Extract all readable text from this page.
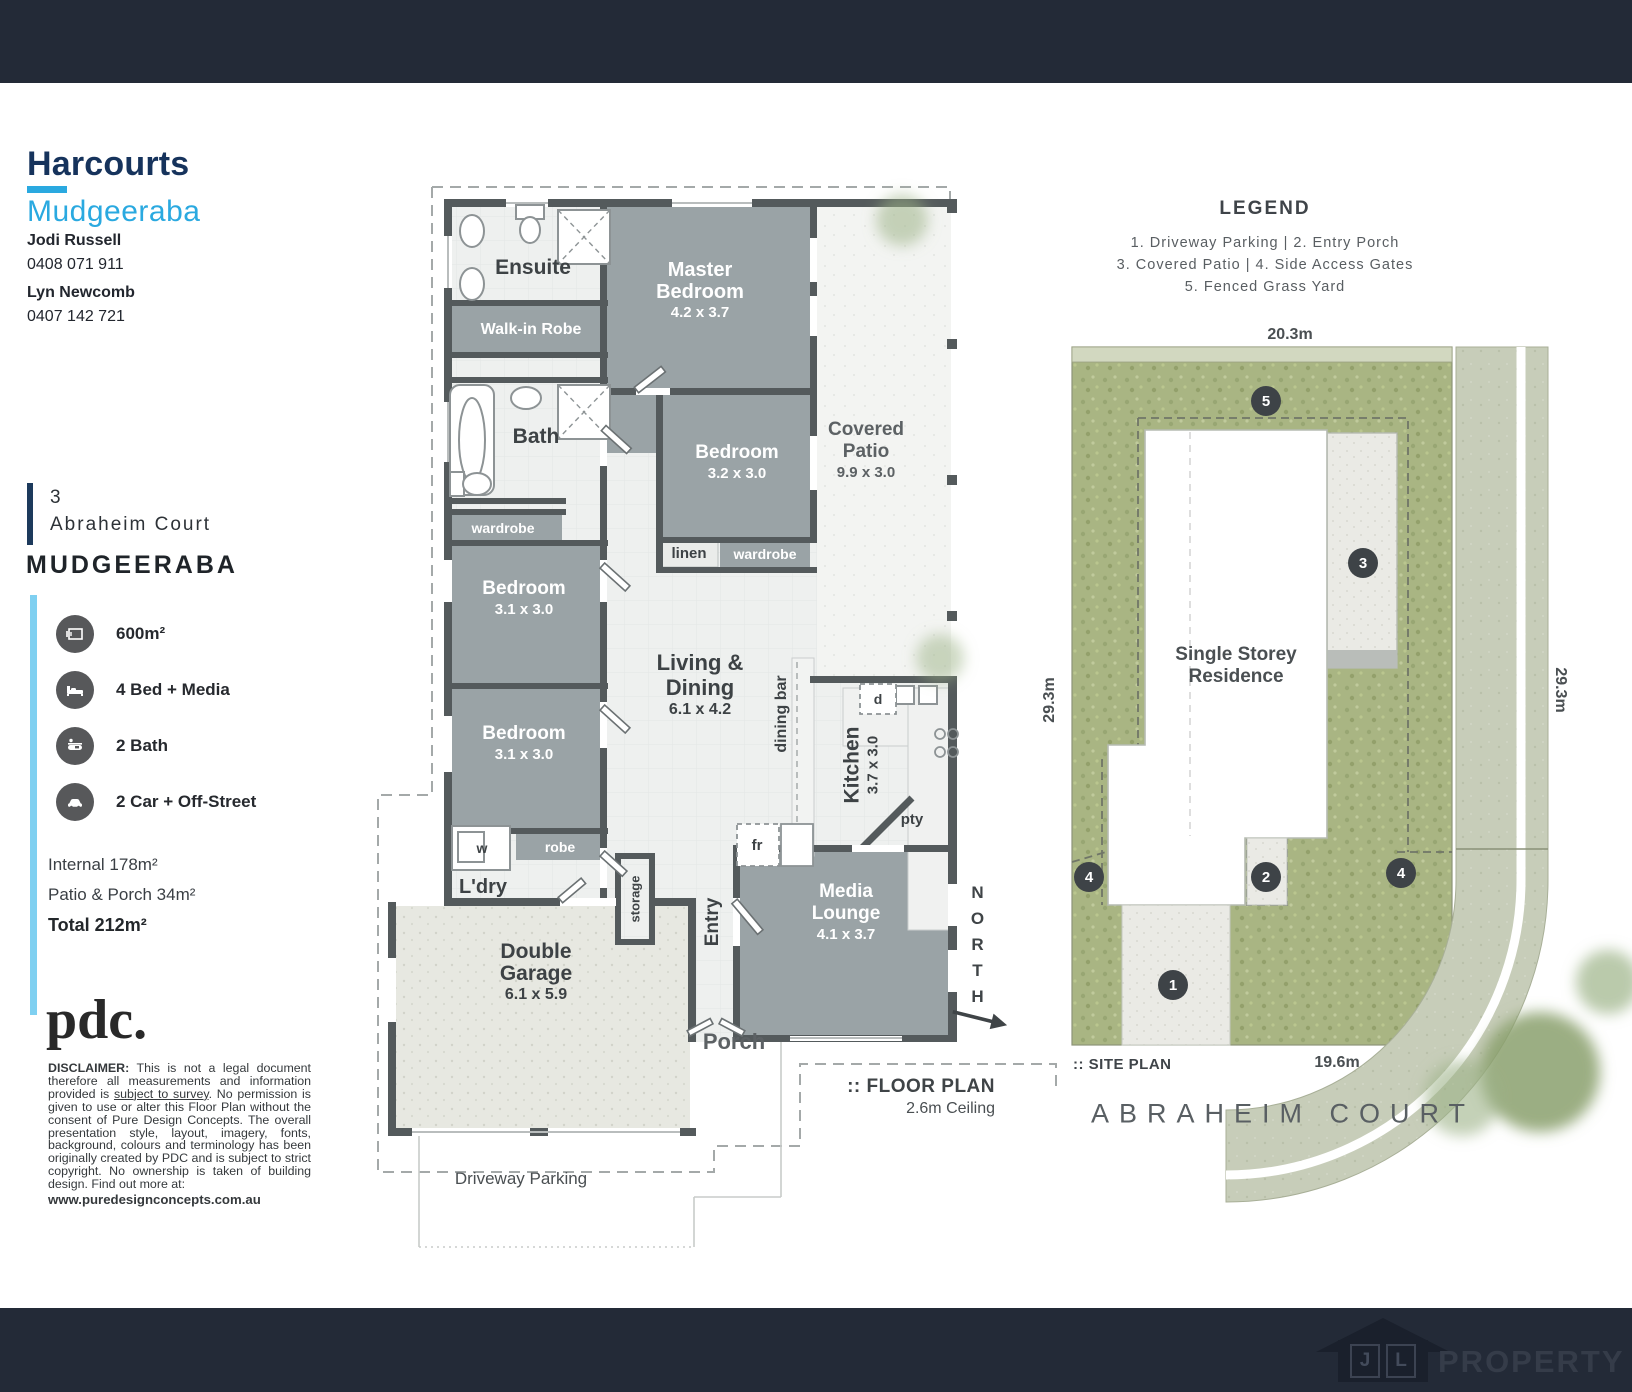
Harcourts
Mudgeeraba
Jodi Russell
0408 071 911
Lyn Newcomb
0407 142 721
3
Abraheim Court
MUDGEERABA
600m²
4 Bed + Media
2 Bath
2 Car + Off-Street
Internal 178m²
Patio & Porch 34m²
Total 212m²
pdc.
DISCLAIMER: This is not a legal document therefore all measurements and information provided is subject to survey. No permission is given to use or alter this Floor Plan without the consent of Pure Design Concepts. The overall presentation style, layout, imagery, fonts, background, colours and terminology has been originally created by PDC and is subject to strict copyright. No ownership is taken of building design. Find out more at:
www.puredesignconcepts.com.au
Ensuite	Master Bedroom
4.2 x 3.7
Walk-in Robe
Bath
Bedroom
3.2 x 3.0
Covered Patio
9.9 x 3.0
wardrobe
linen wardrobe
Bedroom
3.1 x 3.0
Bedroom
3.1 x 3.0
Living & Dining
6.1 x 4.2	dining bar
Kitchen 3.7 x 3.0
d
pty
fr
w	robe
L'dry	storage	Entry
Media Lounge
4.1 x 3.7
Double Garage
6.1 x 5.9
Porch
Driveway Parking
NORTH
:: FLOOR PLAN
2.6m Ceiling
LEGEND
1. Driveway Parking | 2. Entry Porch
3. Covered Patio | 4. Side Access Gates
5. Fenced Grass Yard
20.3m
29.3m	29.3m
19.6m
Single Storey Residence
:: SITE PLAN
ABRAHEIM COURT
1
2
3
4	4
5
J	L PROPERTY
